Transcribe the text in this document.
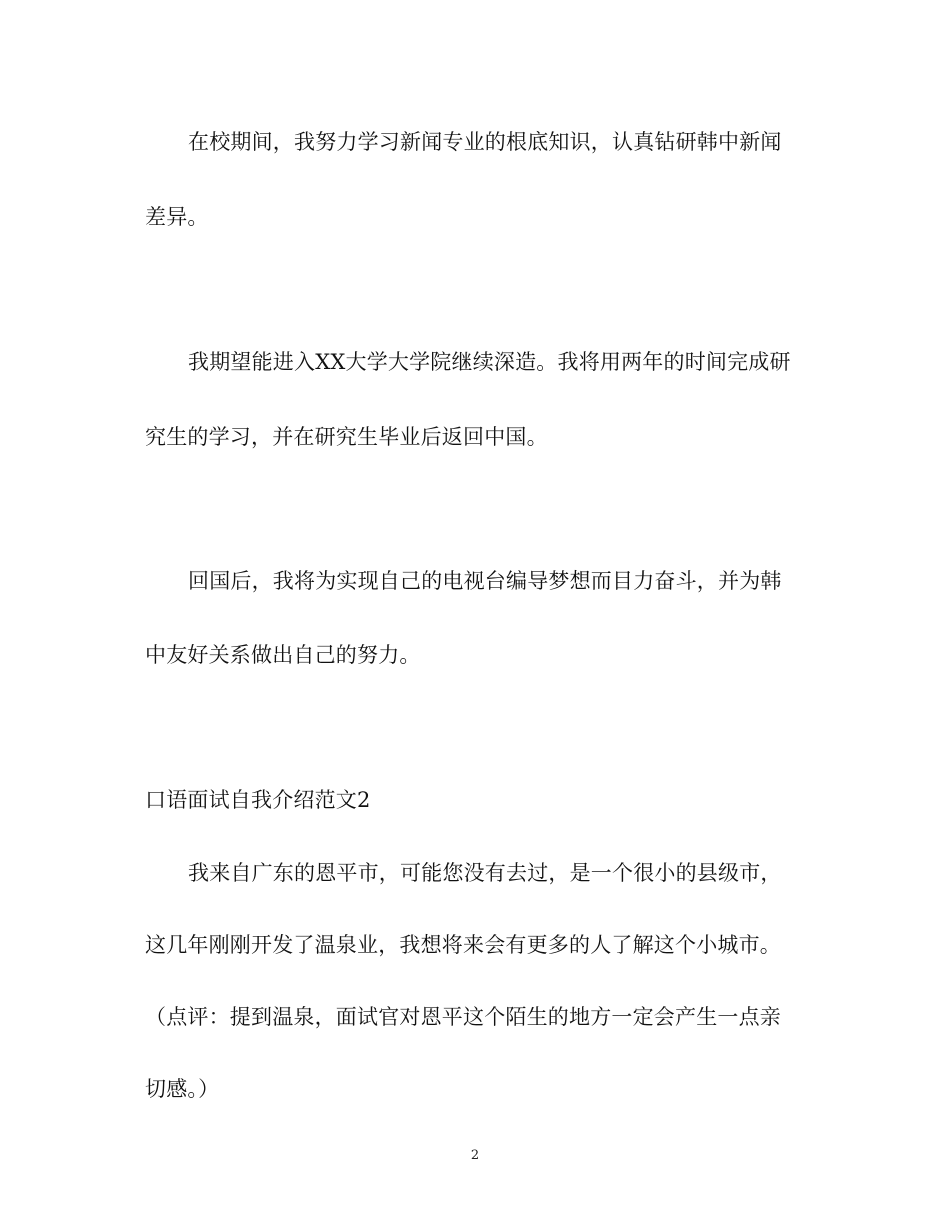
在校期间，我努力学习新闻专业的根底知识，认真钻研韩中新闻
差异。
我期望能进入XX大学大学院继续深造。我将用两年的时间完成研
究生的学习，并在研究生毕业后返回中国。
回国后，我将为实现自己的电视台编导梦想而目力奋斗，并为韩
中友好关系做出自己的努力。
口语面试自我介绍范文2
我来自广东的恩平市，可能您没有去过，是一个很小的县级市，
这几年刚刚开发了温泉业，我想将来会有更多的人了解这个小城市。
（点评：提到温泉，面试官对恩平这个陌生的地方一定会产生一点亲
切感。）
2
